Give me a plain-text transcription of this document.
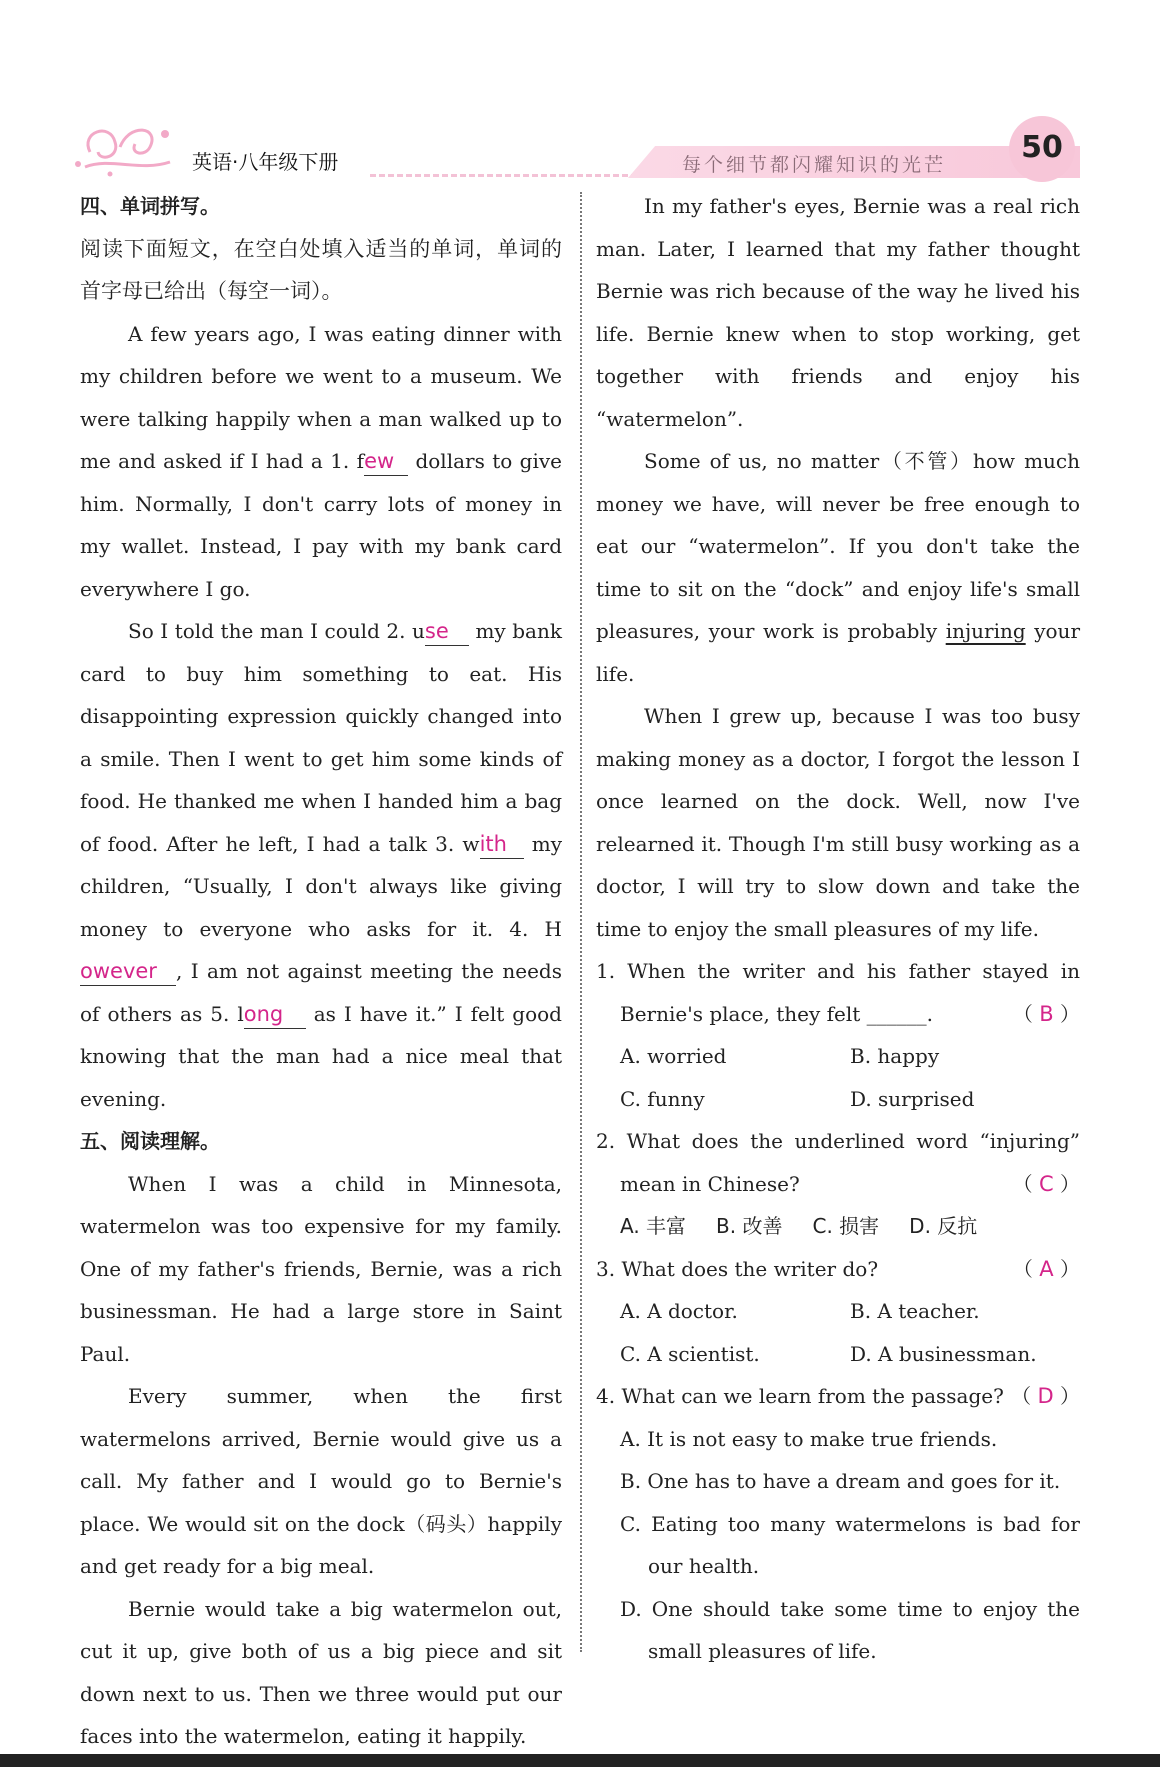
英语·八年级下册	每个细节都闪耀知识的光芒	50

四、单词拼写。

阅读下面短文，在空白处填入适当的单词，单词的首字母已给出（每空一词）。

A few years ago, I was eating dinner with my children before we went to a museum. We were talking happily when a man walked up to me and asked if I had a 1. few dollars to give him. Normally, I don't carry lots of money in my wallet. Instead, I pay with my bank card everywhere I go.

So I told the man I could 2. use my bank card to buy him something to eat. His disappointing expression quickly changed into a smile. Then I went to get him some kinds of food. He thanked me when I handed him a bag of food. After he left, I had a talk 3. with my children, “Usually, I don't always like giving money to everyone who asks for it. 4. However , I am not against meeting the needs of others as 5. long as I have it.” I felt good knowing that the man had a nice meal that evening.

五、阅读理解。

When I was a child in Minnesota, watermelon was too expensive for my family. One of my father's friends, Bernie, was a rich businessman. He had a large store in Saint Paul.

Every summer, when the first watermelons arrived, Bernie would give us a call. My father and I would go to Bernie's place. We would sit on the dock（码头）happily and get ready for a big meal.

Bernie would take a big watermelon out, cut it up, give both of us a big piece and sit down next to us. Then we three would put our faces into the watermelon, eating it happily.

In my father's eyes, Bernie was a real rich man. Later, I learned that my father thought Bernie was rich because of the way he lived his life. Bernie knew when to stop working, get together with friends and enjoy his “watermelon”.

Some of us, no matter（不管）how much money we have, will never be free enough to eat our “watermelon”. If you don't take the time to sit on the “dock” and enjoy life's small pleasures, your work is probably injuring your life.

When I grew up, because I was too busy making money as a doctor, I forgot the lesson I once learned on the dock. Well, now I've relearned it. Though I'm still busy working as a doctor, I will try to slow down and take the time to enjoy the small pleasures of my life.

1. When the writer and his father stayed in Bernie's place, they felt ______.	（ B ）

A. worried	B. happy
C. funny	D. surprised

2. What does the underlined word “injuring” mean in Chinese?	（ C ）

A. 丰富 B. 改善 C. 损害 D. 反抗

3. What does the writer do?	（ A ）

A. A doctor.	B. A teacher.
C. A scientist.	D. A businessman.

4. What can we learn from the passage? （ D ）

A. It is not easy to make true friends.

B. One has to have a dream and goes for it.

C. Eating too many watermelons is bad for our health.

D. One should take some time to enjoy the small pleasures of life.
